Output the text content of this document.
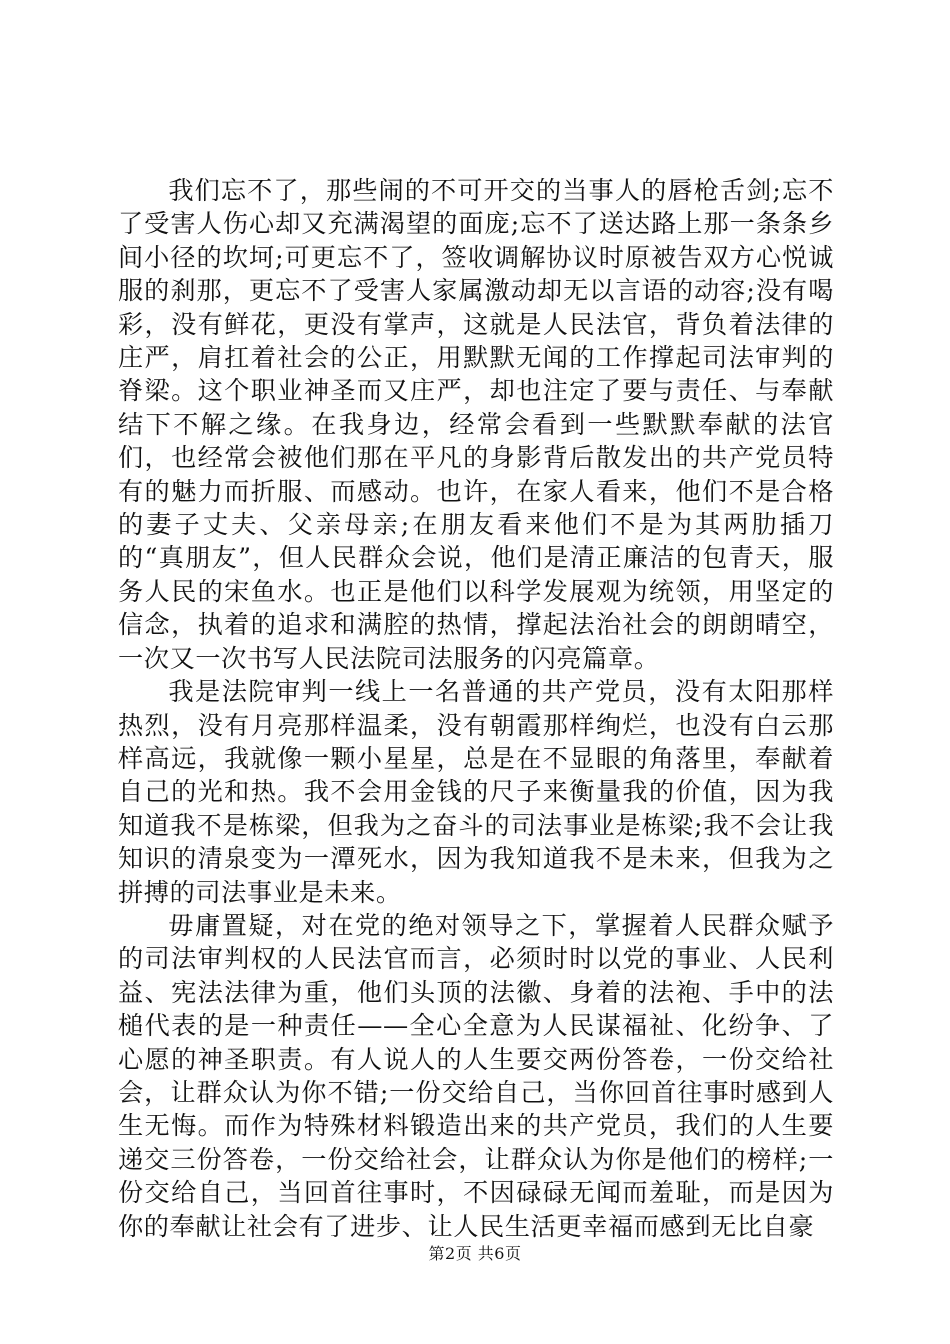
我们忘不了，那些闹的不可开交的当事人的唇枪舌剑;忘不了受害人伤心却又充满渴望的面庞;忘不了送达路上那一条条乡间小径的坎坷;可更忘不了，签收调解协议时原被告双方心悦诚服的刹那，更忘不了受害人家属激动却无以言语的动容;没有喝彩，没有鲜花，更没有掌声，这就是人民法官，背负着法律的庄严，肩扛着社会的公正，用默默无闻的工作撑起司法审判的脊梁。这个职业神圣而又庄严，却也注定了要与责任、与奉献结下不解之缘。在我身边，经常会看到一些默默奉献的法官们，也经常会被他们那在平凡的身影背后散发出的共产党员特有的魅力而折服、而感动。也许，在家人看来，他们不是合格的妻子丈夫、父亲母亲;在朋友看来他们不是为其两肋插刀的“真朋友”，但人民群众会说，他们是清正廉洁的包青天，服务人民的宋鱼水。也正是他们以科学发展观为统领，用坚定的信念，执着的追求和满腔的热情，撑起法治社会的朗朗晴空，一次又一次书写人民法院司法服务的闪亮篇章。

我是法院审判一线上一名普通的共产党员，没有太阳那样热烈，没有月亮那样温柔，没有朝霞那样绚烂，也没有白云那样高远，我就像一颗小星星，总是在不显眼的角落里，奉献着自己的光和热。我不会用金钱的尺子来衡量我的价值，因为我知道我不是栋梁，但我为之奋斗的司法事业是栋梁;我不会让我知识的清泉变为一潭死水，因为我知道我不是未来，但我为之拼搏的司法事业是未来。

毋庸置疑，对在党的绝对领导之下，掌握着人民群众赋予的司法审判权的人民法官而言，必须时时以党的事业、人民利益、宪法法律为重，他们头顶的法徽、身着的法袍、手中的法槌代表的是一种责任——全心全意为人民谋福祉、化纷争、了心愿的神圣职责。有人说人的人生要交两份答卷，一份交给社会，让群众认为你不错;一份交给自己，当你回首往事时感到人生无悔。而作为特殊材料锻造出来的共产党员，我们的人生要递交三份答卷，一份交给社会，让群众认为你是他们的榜样;一份交给自己，当回首往事时，不因碌碌无闻而羞耻，而是因为你的奉献让社会有了进步、让人民生活更幸福而感到无比自豪

第2页 共6页
